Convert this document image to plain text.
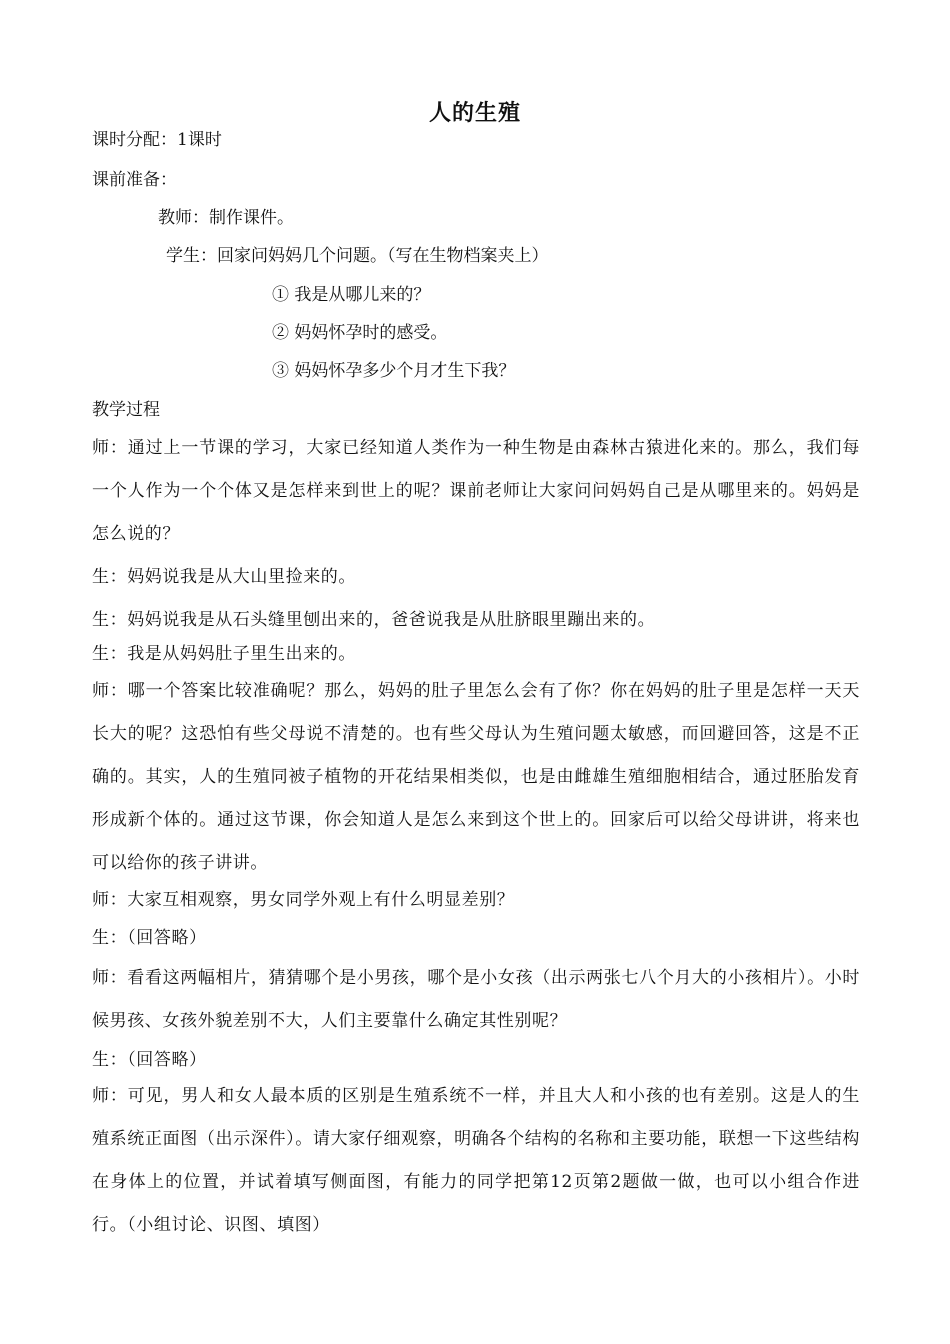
人的生殖
课时分配：1课时
课前准备：
教师：制作课件。
学生：回家问妈妈几个问题。（写在生物档案夹上）
① 我是从哪儿来的？
② 妈妈怀孕时的感受。
③ 妈妈怀孕多少个月才生下我？
教学过程
师：通过上一节课的学习，大家已经知道人类作为一种生物是由森林古猿进化来的。那么，我们每一个人作为一个个体又是怎样来到世上的呢？课前老师让大家问问妈妈自己是从哪里来的。妈妈是怎么说的？
生：妈妈说我是从大山里捡来的。
生：妈妈说我是从石头缝里刨出来的，爸爸说我是从肚脐眼里蹦出来的。
生：我是从妈妈肚子里生出来的。
师：哪一个答案比较准确呢？那么，妈妈的肚子里怎么会有了你？你在妈妈的肚子里是怎样一天天长大的呢？这恐怕有些父母说不清楚的。也有些父母认为生殖问题太敏感，而回避回答，这是不正确的。其实，人的生殖同被子植物的开花结果相类似，也是由雌雄生殖细胞相结合，通过胚胎发育形成新个体的。通过这节课，你会知道人是怎么来到这个世上的。回家后可以给父母讲讲，将来也可以给你的孩子讲讲。
师：大家互相观察，男女同学外观上有什么明显差别？
生：（回答略）
师：看看这两幅相片，猜猜哪个是小男孩，哪个是小女孩（出示两张七八个月大的小孩相片）。小时候男孩、女孩外貌差别不大，人们主要靠什么确定其性别呢？
生：（回答略）
师：可见，男人和女人最本质的区别是生殖系统不一样，并且大人和小孩的也有差别。这是人的生殖系统正面图（出示深件）。请大家仔细观察，明确各个结构的名称和主要功能，联想一下这些结构在身体上的位置，并试着填写侧面图，有能力的同学把第12页第2题做一做，也可以小组合作进行。（小组讨论、识图、填图）
